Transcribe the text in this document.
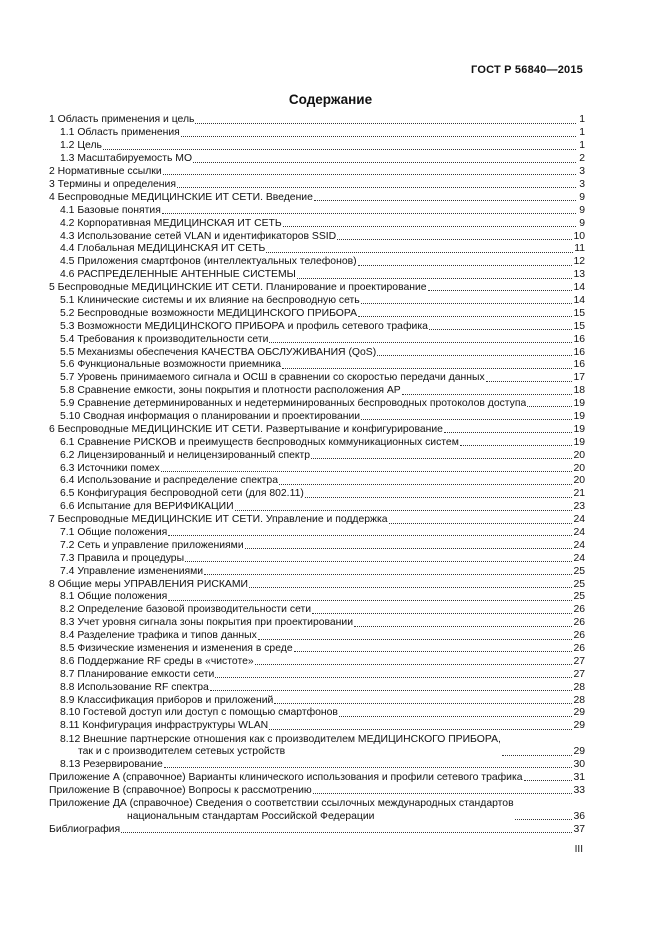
ГОСТ Р 56840—2015
Содержание
1 Область применения и цель	1
1.1 Область применения	1
1.2 Цель	1
1.3 Масштабируемость МО	2
2 Нормативные ссылки	3
3 Термины и определения	3
4 Беспроводные МЕДИЦИНСКИЕ ИТ СЕТИ. Введение	9
4.1 Базовые понятия	9
4.2 Корпоративная МЕДИЦИНСКАЯ ИТ СЕТЬ	9
4.3 Использование сетей VLAN и идентификаторов SSID	10
4.4 Глобальная МЕДИЦИНСКАЯ ИТ СЕТЬ	11
4.5 Приложения смартфонов (интеллектуальных телефонов)	12
4.6 РАСПРЕДЕЛЕННЫЕ АНТЕННЫЕ СИСТЕМЫ	13
5 Беспроводные МЕДИЦИНСКИЕ ИТ СЕТИ. Планирование и проектирование	14
5.1 Клинические системы и их влияние на беспроводную сеть	14
5.2 Беспроводные возможности МЕДИЦИНСКОГО ПРИБОРА	15
5.3 Возможности МЕДИЦИНСКОГО ПРИБОРА и профиль сетевого трафика	15
5.4 Требования к производительности сети	16
5.5 Механизмы обеспечения КАЧЕСТВА ОБСЛУЖИВАНИЯ (QoS)	16
5.6 Функциональные возможности приемника	16
5.7 Уровень принимаемого сигнала и ОСШ в сравнении со скоростью передачи данных	17
5.8 Сравнение емкости, зоны покрытия и плотности расположения АР	18
5.9 Сравнение детерминированных и недетерминированных беспроводных протоколов доступа	19
5.10 Сводная информация о планировании и проектировании	19
6 Беспроводные МЕДИЦИНСКИЕ ИТ СЕТИ. Развертывание и конфигурирование	19
6.1 Сравнение РИСКОВ и преимуществ беспроводных коммуникационных систем	19
6.2 Лицензированный и нелицензированный спектр	20
6.3 Источники помех	20
6.4 Использование и распределение спектра	20
6.5 Конфигурация беспроводной сети (для 802.11)	21
6.6 Испытание для ВЕРИФИКАЦИИ	23
7 Беспроводные МЕДИЦИНСКИЕ ИТ СЕТИ. Управление и поддержка	24
7.1 Общие положения	24
7.2 Сеть и управление приложениями	24
7.3 Правила и процедуры	24
7.4 Управление изменениями	25
8 Общие меры УПРАВЛЕНИЯ РИСКАМИ	25
8.1 Общие положения	25
8.2 Определение базовой производительности сети	26
8.3 Учет уровня сигнала зоны покрытия при проектировании	26
8.4 Разделение трафика и типов данных	26
8.5 Физические изменения и изменения в среде	26
8.6 Поддержание RF среды в «чистоте»	27
8.7 Планирование емкости сети	27
8.8 Использование RF спектра	28
8.9 Классификация приборов и приложений	28
8.10 Гостевой доступ или доступ с помощью смартфонов	29
8.11 Конфигурация инфраструктуры WLAN	29
8.12 Внешние партнерские отношения как с производителем МЕДИЦИНСКОГО ПРИБОРА,
так и с производителем сетевых устройств	29
8.13 Резервирование	30
Приложение А (справочное) Варианты клинического использования и профили сетевого трафика	31
Приложение В (справочное) Вопросы к рассмотрению	33
Приложение ДА (справочное) Сведения о соответствии ссылочных международных стандартов
национальным стандартам Российской Федерации	36
Библиография	37
III
